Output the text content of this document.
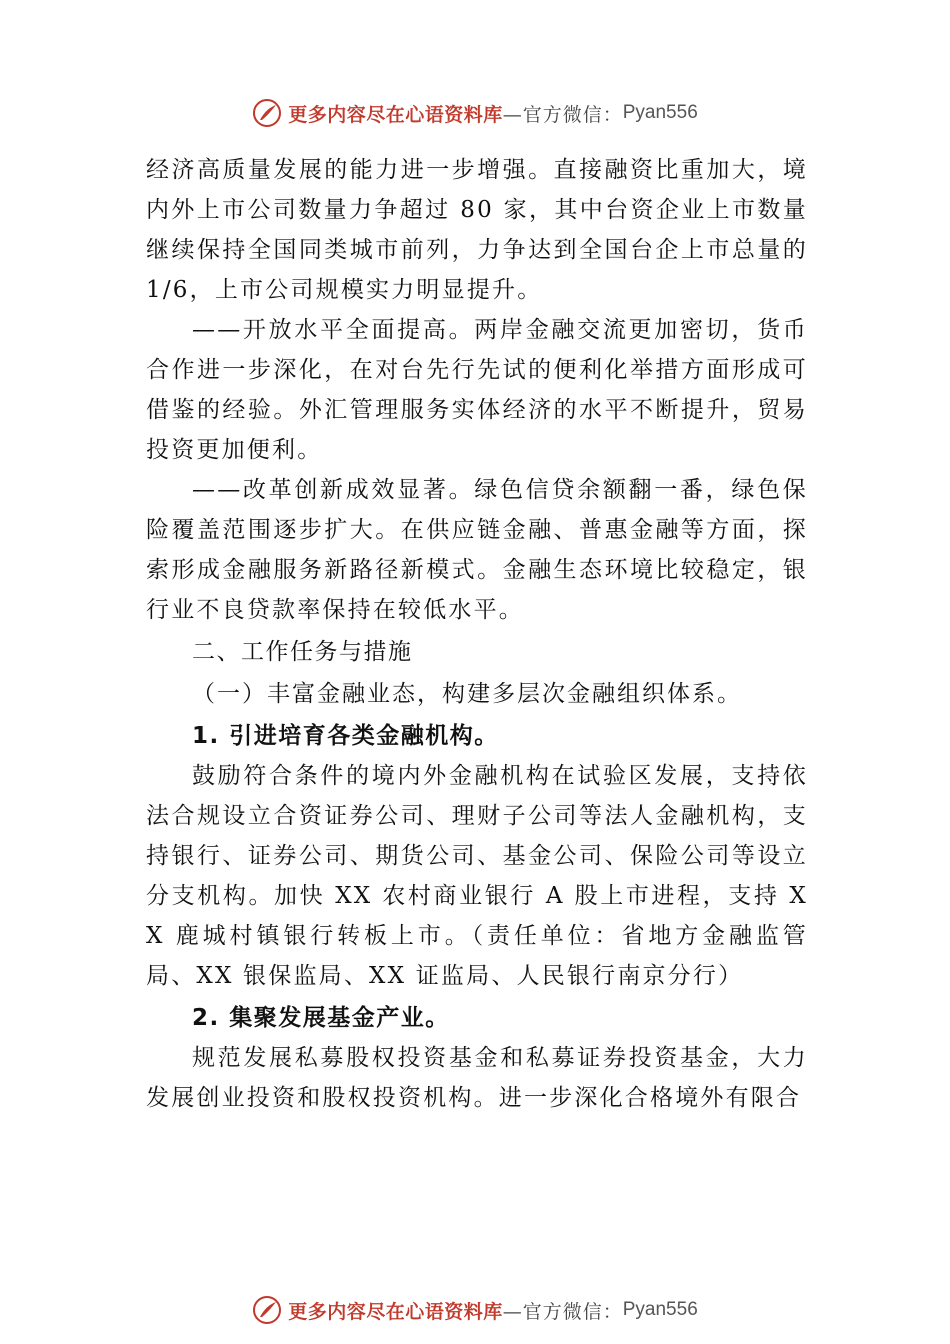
更多内容尽在心语资料库 —官方微信： Pyan556

经济高质量发展的能力进一步增强。直接融资比重加大，境内外上市公司数量力争超过 80 家，其中台资企业上市数量继续保持全国同类城市前列，力争达到全国台企上市总量的 1/6，上市公司规模实力明显提升。

——开放水平全面提高。两岸金融交流更加密切，货币合作进一步深化，在对台先行先试的便利化举措方面形成可借鉴的经验。外汇管理服务实体经济的水平不断提升，贸易投资更加便利。

——改革创新成效显著。绿色信贷余额翻一番，绿色保险覆盖范围逐步扩大。在供应链金融、普惠金融等方面，探索形成金融服务新路径新模式。金融生态环境比较稳定，银行业不良贷款率保持在较低水平。

二、工作任务与措施

（一）丰富金融业态，构建多层次金融组织体系。

1. 引进培育各类金融机构。

鼓励符合条件的境内外金融机构在试验区发展，支持依法合规设立合资证券公司、理财子公司等法人金融机构，支持银行、证券公司、期货公司、基金公司、保险公司等设立分支机构。加快 XX 农村商业银行 A 股上市进程，支持 XX 鹿城村镇银行转板上市。（责任单位：省地方金融监管局、XX 银保监局、XX 证监局、人民银行南京分行）

2. 集聚发展基金产业。

规范发展私募股权投资基金和私募证券投资基金，大力发展创业投资和股权投资机构。进一步深化合格境外有限合

更多内容尽在心语资料库 —官方微信： Pyan556
